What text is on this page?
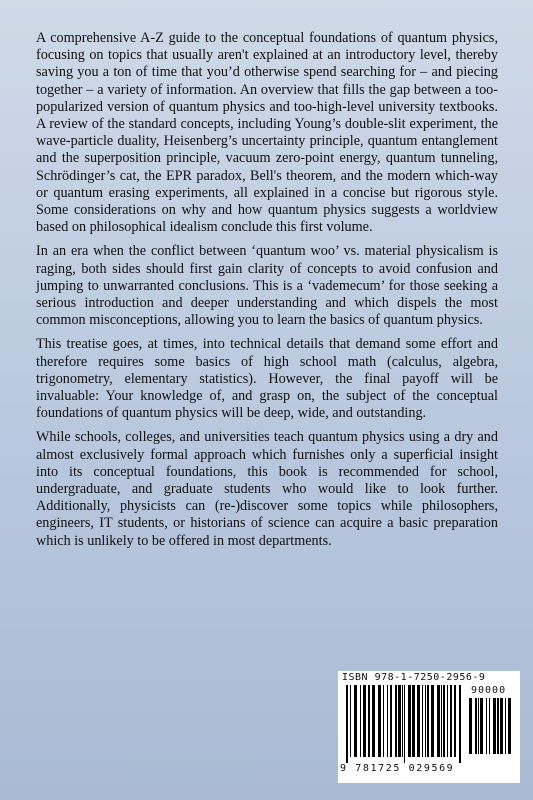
A comprehensive A-Z guide to the conceptual foundations of quantum physics, focusing on topics that usually aren't explained at an introductory level, thereby saving you a ton of time that you’d otherwise spend searching for – and piecing together – a variety of information. An overview that fills the gap between a too-popularized version of quantum physics and too-high-level university textbooks. A review of the standard concepts, including Young’s double-slit experiment, the wave-particle duality, Heisenberg’s uncertainty principle, quantum entanglement and the superposition principle, vacuum zero-point energy, quantum tunneling, Schrödinger’s cat, the EPR paradox, Bell's theorem, and the modern which-way or quantum erasing experiments, all explained in a concise but rigorous style. Some considerations on why and how quantum physics suggests a worldview based on philosophical idealism conclude this first volume.

In an era when the conflict between ‘quantum woo’ vs. material physicalism is raging, both sides should first gain clarity of concepts to avoid confusion and jumping to unwarranted conclusions. This is a ‘vademecum’ for those seeking a serious introduction and deeper understanding and which dispels the most common misconceptions, allowing you to learn the basics of quantum physics.

This treatise goes, at times, into technical details that demand some effort and therefore requires some basics of high school math (calculus, algebra, trigonometry, elementary statistics). However, the final payoff will be invaluable: Your knowledge of, and grasp on, the subject of the conceptual foundations of quantum physics will be deep, wide, and outstanding.

While schools, colleges, and universities teach quantum physics using a dry and almost exclusively formal approach which furnishes only a superficial insight into its conceptual foundations, this book is recommended for school, undergraduate, and graduate students who would like to look further. Additionally, physicists can (re-)discover some topics while philosophers, engineers, IT students, or historians of science can acquire a basic preparation which is unlikely to be offered in most departments.

ISBN 978-1-7250-2956-9
90000
9 781725 029569
